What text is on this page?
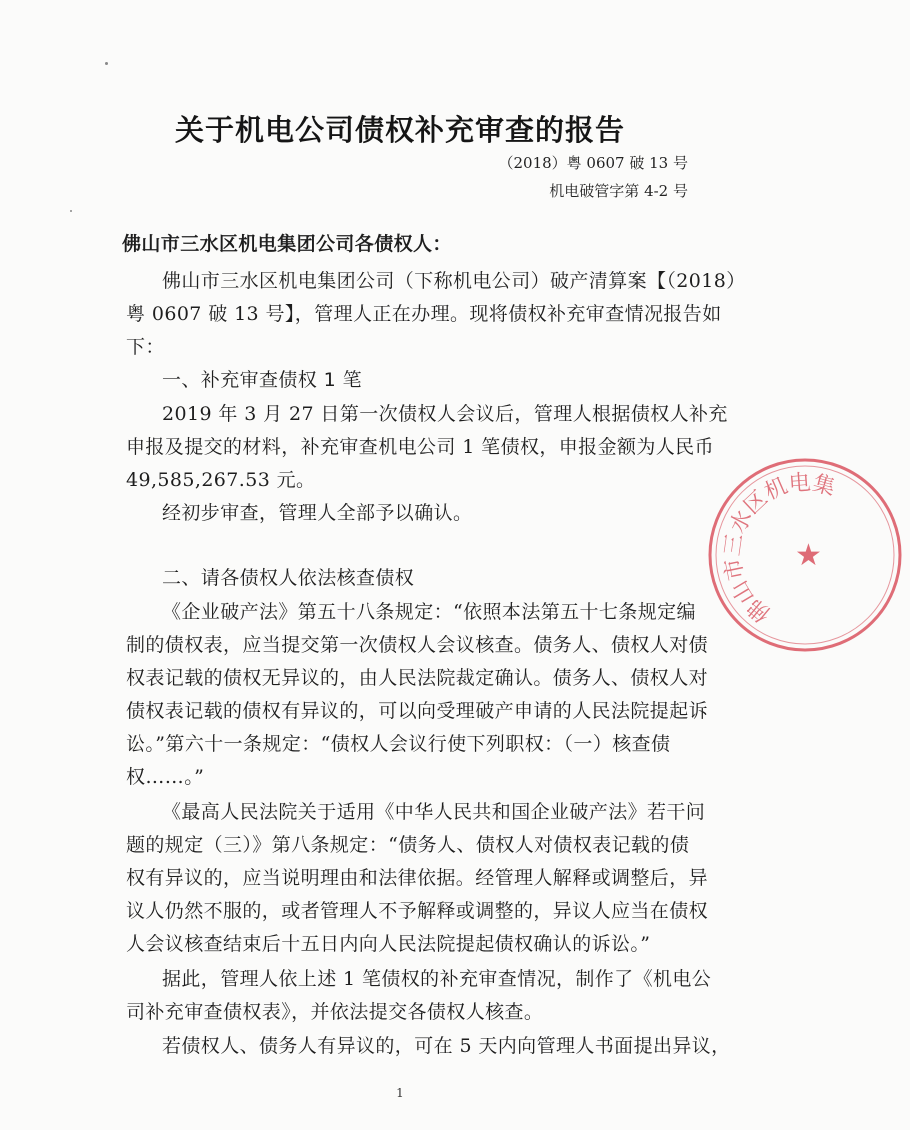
关于机电公司债权补充审查的报告
（2018）粤 0607 破 13 号
机电破管字第 4-2 号
佛山市三水区机电集团公司各债权人：
佛山市三水区机电集团公司（下称机电公司）破产清算案【（2018）
粤 0607 破 13 号】，管理人正在办理。现将债权补充审查情况报告如
下：
一、补充审查债权 1 笔
2019 年 3 月 27 日第一次债权人会议后，管理人根据债权人补充
申报及提交的材料，补充审查机电公司 1 笔债权，申报金额为人民币
49,585,267.53 元。
经初步审查，管理人全部予以确认。
二、请各债权人依法核查债权
《企业破产法》第五十八条规定：“依照本法第五十七条规定编
制的债权表，应当提交第一次债权人会议核查。债务人、债权人对债
权表记载的债权无异议的，由人民法院裁定确认。债务人、债权人对
债权表记载的债权有异议的，可以向受理破产申请的人民法院提起诉
讼。”第六十一条规定：“债权人会议行使下列职权：（一）核查债
权……。”
《最高人民法院关于适用《中华人民共和国企业破产法》若干问
题的规定（三）》第八条规定：“债务人、债权人对债权表记载的债
权有异议的，应当说明理由和法律依据。经管理人解释或调整后，异
议人仍然不服的，或者管理人不予解释或调整的，异议人应当在债权
人会议核查结束后十五日内向人民法院提起债权确认的诉讼。”
据此，管理人依上述 1 笔债权的补充审查情况，制作了《机电公
司补充审查债权表》，并依法提交各债权人核查。
若债权人、债务人有异议的，可在 5 天内向管理人书面提出异议，
佛山市三水区机电集
★
1
